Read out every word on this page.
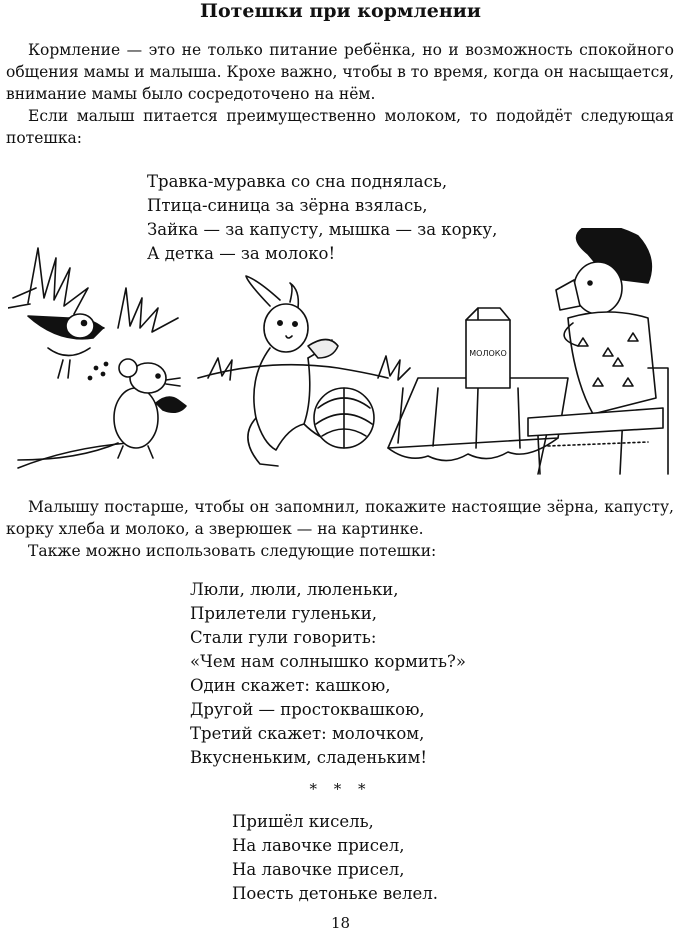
Потешки при кормлении

Кормление — это не только питание ребёнка, но и возможность спокойного общения мамы и малыша. Крохе важно, чтобы в то время, когда он насыщается, внимание мамы было сосредоточено на нём.

Если малыш питается преимущественно молоком, то подойдёт следующая потешка:

Травка-муравка со сна поднялась,
Птица-синица за зёрна взялась,
Зайка — за капусту, мышка — за корку,
А детка — за молоко!
МОЛОКО

Малышу постарше, чтобы он запомнил, покажите настоящие зёрна, капусту, корку хлеба и молоко, а зверюшек — на картинке.

Также можно использовать следующие потешки:

Люли, люли, люленьки,
Прилетели гуленьки,
Стали гули говорить:
«Чем нам солнышко кормить?»
Один скажет: кашкою,
Другой — простоквашкою,
Третий скажет: молочком,
Вкусненьким, сладеньким!
* * *
Пришёл кисель,
На лавочке присел,
На лавочке присел,
Поесть детоньке велел.
18
